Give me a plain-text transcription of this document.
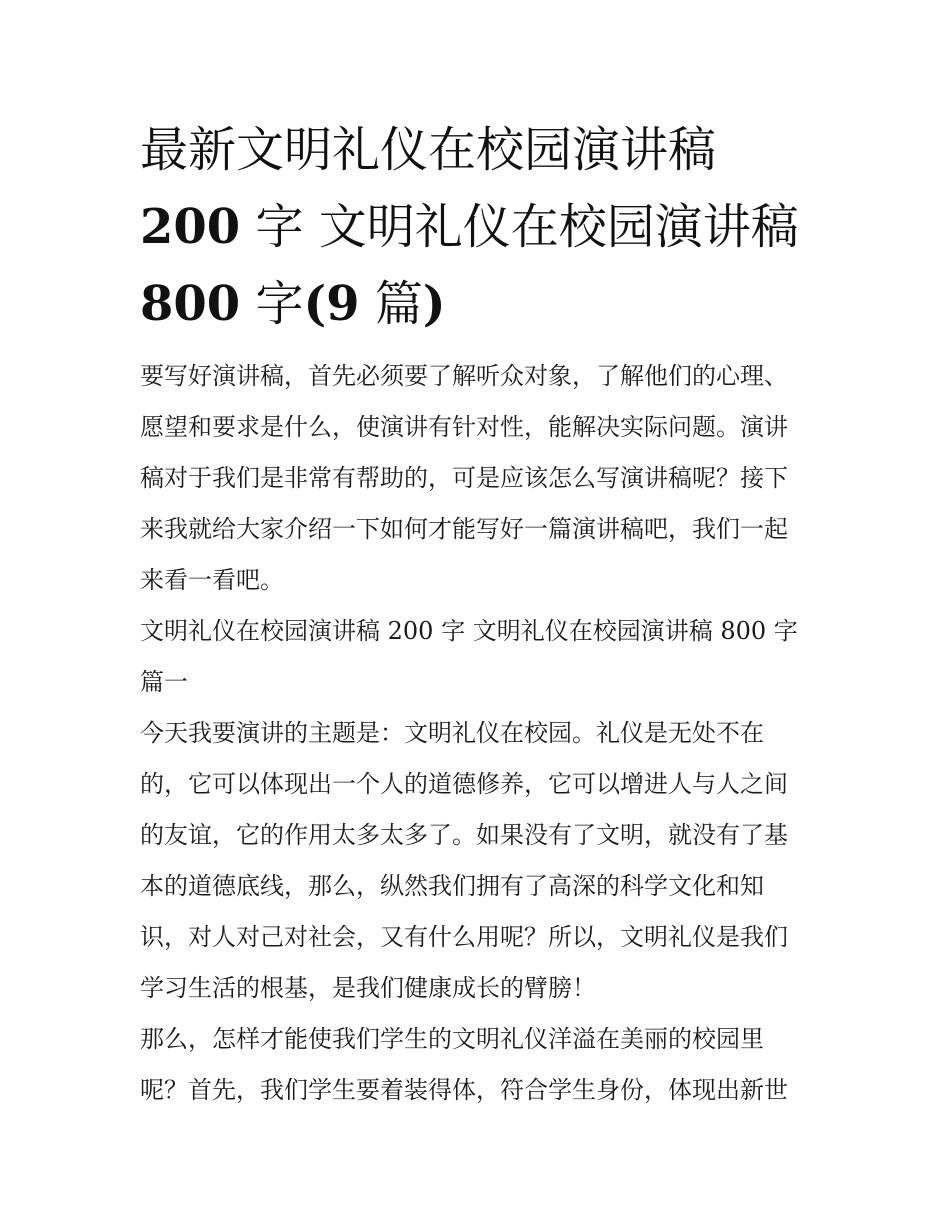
最新文明礼仪在校园演讲稿
200 字 文明礼仪在校园演讲稿
800 字(9 篇)
要写好演讲稿，首先必须要了解听众对象，了解他们的心理、
愿望和要求是什么，使演讲有针对性，能解决实际问题。演讲
稿对于我们是非常有帮助的，可是应该怎么写演讲稿呢？接下
来我就给大家介绍一下如何才能写好一篇演讲稿吧，我们一起
来看一看吧。
文明礼仪在校园演讲稿 200 字 文明礼仪在校园演讲稿 800 字
篇一
今天我要演讲的主题是：文明礼仪在校园。礼仪是无处不在
的，它可以体现出一个人的道德修养，它可以增进人与人之间
的友谊，它的作用太多太多了。如果没有了文明，就没有了基
本的道德底线，那么，纵然我们拥有了高深的科学文化和知
识，对人对己对社会，又有什么用呢？所以，文明礼仪是我们
学习生活的根基，是我们健康成长的臂膀！
那么，怎样才能使我们学生的文明礼仪洋溢在美丽的校园里
呢？首先，我们学生要着装得体，符合学生身份，体现出新世
